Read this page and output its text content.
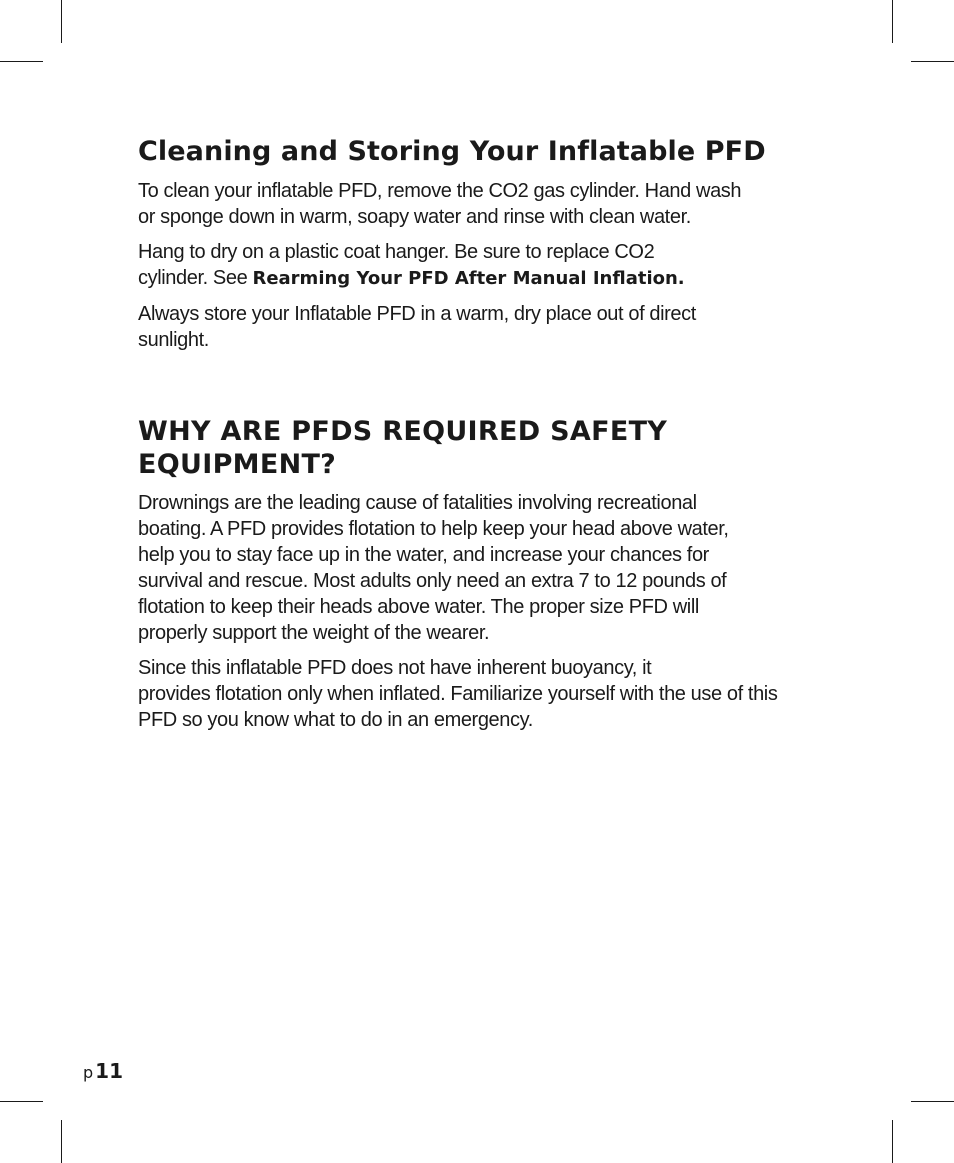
Cleaning and Storing Your Inflatable PFD

To clean your inflatable PFD, remove the CO2 gas cylinder. Hand wash or sponge down in warm, soapy water and rinse with clean water.

Hang to dry on a plastic coat hanger. Be sure to replace CO2
cylinder. See Rearming Your PFD After Manual Inflation.

Always store your Inflatable PFD in a warm, dry place out of direct sunlight.

WHY ARE PFDS REQUIRED SAFETY EQUIPMENT?

Drownings are the leading cause of fatalities involving recreational boating. A PFD provides flotation to help keep your head above water, help you to stay face up in the water, and increase your chances for survival and rescue. Most adults only need an extra 7 to 12 pounds of flotation to keep their heads above water. The proper size PFD will properly support the weight of the wearer.

Since this inflatable PFD does not have inherent buoyancy, it
provides flotation only when inflated. Familiarize yourself with the use of this PFD so you know what to do in an emergency.

p 11
